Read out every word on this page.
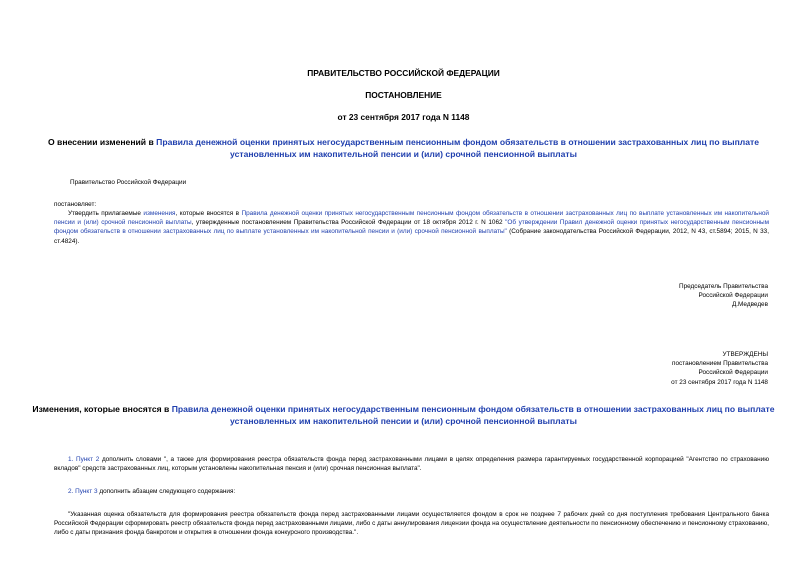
ПРАВИТЕЛЬСТВО РОССИЙСКОЙ ФЕДЕРАЦИИ
ПОСТАНОВЛЕНИЕ
от 23 сентября 2017 года N 1148
О внесении изменений в Правила денежной оценки принятых негосударственным пенсионным фондом обязательств в отношении застрахованных лиц по выплате установленных им накопительной пенсии и (или) срочной пенсионной выплаты
Правительство Российской Федерации
постановляет:
Утвердить прилагаемые изменения, которые вносятся в Правила денежной оценки принятых негосударственным пенсионным фондом обязательств в отношении застрахованных лиц по выплате установленных им накопительной пенсии и (или) срочной пенсионной выплаты, утвержденные постановлением Правительства Российской Федерации от 18 октября 2012 г. N 1062 "Об утверждении Правил денежной оценки принятых негосударственным пенсионным фондом обязательств в отношении застрахованных лиц по выплате установленных им накопительной пенсии и (или) срочной пенсионной выплаты" (Собрание законодательства Российской Федерации, 2012, N 43, ст.5894; 2015, N 33, ст.4824).
Председатель Правительства
Российской Федерации
Д.Медведев
УТВЕРЖДЕНЫ
постановлением Правительства
Российской Федерации
от 23 сентября 2017 года N 1148
Изменения, которые вносятся в Правила денежной оценки принятых негосударственным пенсионным фондом обязательств в отношении застрахованных лиц по выплате установленных им накопительной пенсии и (или) срочной пенсионной выплаты
1. Пункт 2 дополнить словами ", а также для формирования реестра обязательств фонда перед застрахованными лицами в целях определения размера гарантируемых государственной корпорацией "Агентство по страхованию вкладов" средств застрахованных лиц, которым установлены накопительная пенсия и (или) срочная пенсионная выплата".
2. Пункт 3 дополнить абзацем следующего содержания:
"Указанная оценка обязательств для формирования реестра обязательств фонда перед застрахованными лицами осуществляется фондом в срок не позднее 7 рабочих дней со дня поступления требования Центрального банка Российской Федерации сформировать реестр обязательств фонда перед застрахованными лицами, либо с даты аннулирования лицензии фонда на осуществление деятельности по пенсионному обеспечению и пенсионному страхованию, либо с даты признания фонда банкротом и открытия в отношении фонда конкурсного производства.".
